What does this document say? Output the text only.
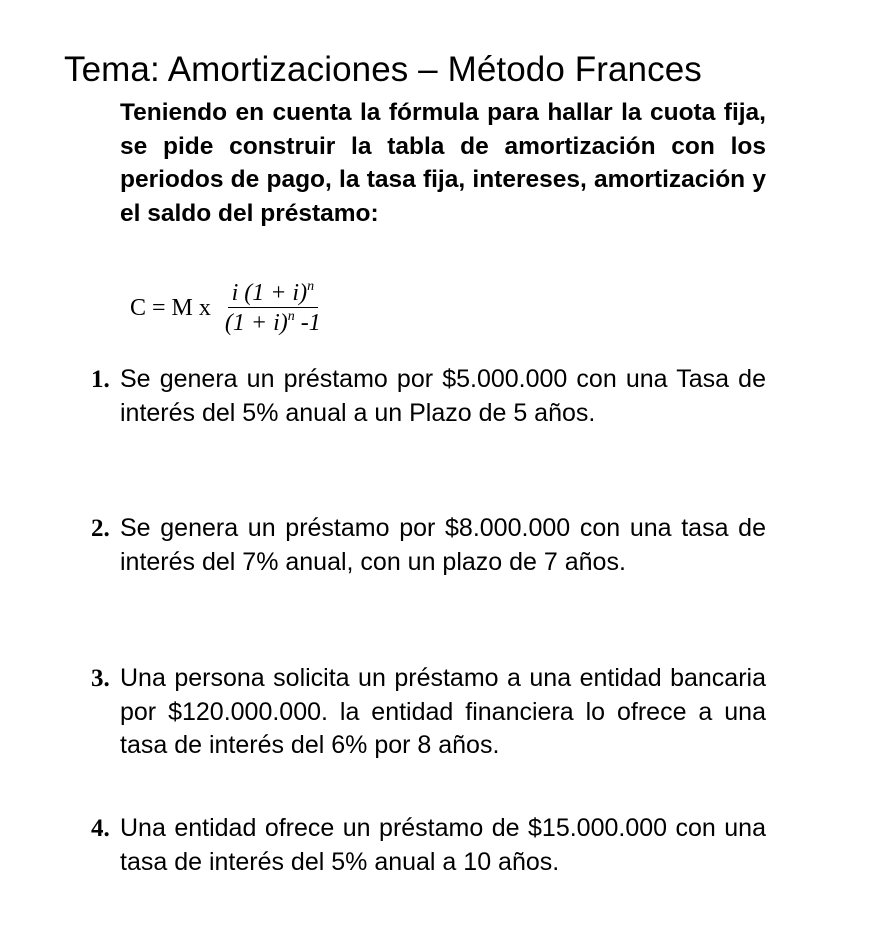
Tema: Amortizaciones – Método Frances
Teniendo en cuenta la fórmula para hallar la cuota fija, se pide construir la tabla de amortización con los periodos de pago, la tasa fija, intereses, amortización y el saldo del préstamo:
C = M x $\frac{i (1 + i)^n}{(1 + i)^n -1}$
1. Se genera un préstamo por $5.000.000 con una Tasa de interés del 5% anual a un Plazo de 5 años.
2. Se genera un préstamo por $8.000.000 con una tasa de interés del 7% anual, con un plazo de 7 años.
3. Una persona solicita un préstamo a una entidad bancaria por $120.000.000. la entidad financiera lo ofrece a una tasa de interés del 6% por 8 años.
4. Una entidad ofrece un préstamo de $15.000.000 con una tasa de interés del 5% anual a 10 años.
